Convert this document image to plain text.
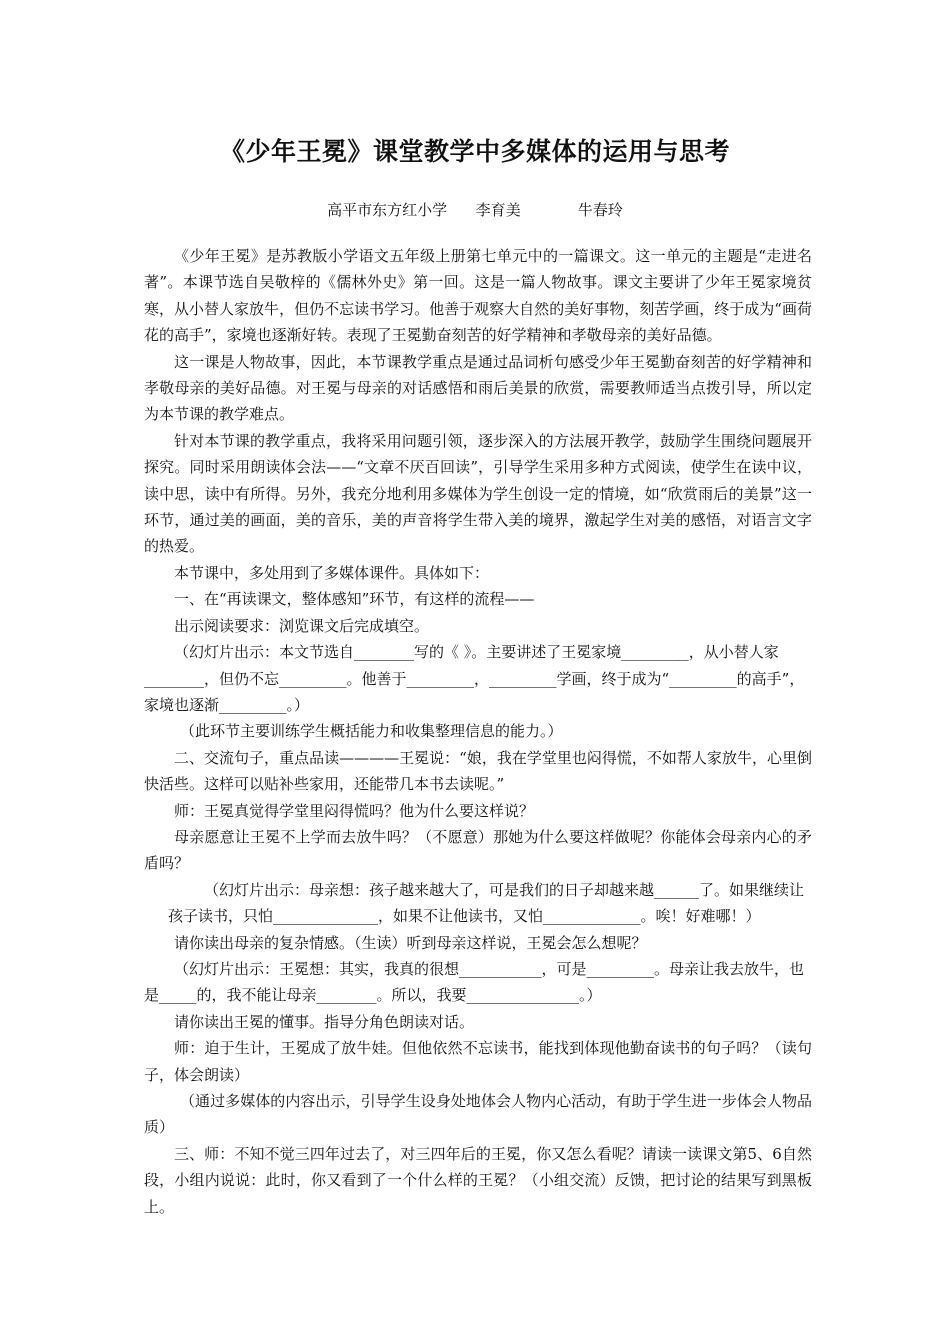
《少年王冕》课堂教学中多媒体的运用与思考
高平市东方红小学      李育美            牛春玲

《少年王冕》是苏教版小学语文五年级上册第七单元中的一篇课文。这一单元的主题是“走进名著”。本课节选自吴敬梓的《儒林外史》第一回。这是一篇人物故事。课文主要讲了少年王冕家境贫寒，从小替人家放牛，但仍不忘读书学习。他善于观察大自然的美好事物，刻苦学画，终于成为“画荷花的高手”，家境也逐渐好转。表现了王冕勤奋刻苦的好学精神和孝敬母亲的美好品德。

这一课是人物故事，因此，本节课教学重点是通过品词析句感受少年王冕勤奋刻苦的好学精神和孝敬母亲的美好品德。对王冕与母亲的对话感悟和雨后美景的欣赏，需要教师适当点拨引导，所以定为本节课的教学难点。

针对本节课的教学重点，我将采用问题引领，逐步深入的方法展开教学，鼓励学生围绕问题展开探究。同时采用朗读体会法——“文章不厌百回读”，引导学生采用多种方式阅读，使学生在读中议，读中思，读中有所得。另外，我充分地利用多媒体为学生创设一定的情境，如“欣赏雨后的美景”这一环节，通过美的画面，美的音乐，美的声音将学生带入美的境界，激起学生对美的感悟，对语言文字的热爱。

本节课中，多处用到了多媒体课件。具体如下：

一、在“再读课文，整体感知”环节，有这样的流程——

出示阅读要求：浏览课文后完成填空。

（幻灯片出示：本文节选自________写的《 》。主要讲述了王冕家境_________，从小替人家________，但仍不忘_________。他善于_________，_________学画，终于成为“_________的高手”，家境也逐渐_________。）

（此环节主要训练学生概括能力和收集整理信息的能力。）

二、交流句子，重点品读————王冕说：“娘，我在学堂里也闷得慌，不如帮人家放牛，心里倒快活些。这样可以贴补些家用，还能带几本书去读呢。”

师：王冕真觉得学堂里闷得慌吗？他为什么要这样说？

母亲愿意让王冕不上学而去放牛吗？（不愿意）那她为什么要这样做呢？你能体会母亲内心的矛盾吗？

（幻灯片出示：母亲想：孩子越来越大了，可是我们的日子却越来越______了。如果继续让孩子读书，只怕______________，如果不让他读书，又怕_____________。唉！好难哪！）

请你读出母亲的复杂情感。（生读）听到母亲这样说，王冕会怎么想呢？

（幻灯片出示：王冕想：其实，我真的很想___________，可是_________。母亲让我去放牛，也是_____的，我不能让母亲________。所以，我要_______________。）

请你读出王冕的懂事。指导分角色朗读对话。

师：迫于生计，王冕成了放牛娃。但他依然不忘读书，能找到体现他勤奋读书的句子吗？（读句子，体会朗读）

（通过多媒体的内容出示，引导学生设身处地体会人物内心活动，有助于学生进一步体会人物品质）

三、师：不知不觉三四年过去了，对三四年后的王冕，你又怎么看呢？请读一读课文第5、6自然段，小组内说说：此时，你又看到了一个什么样的王冕？（小组交流）反馈，把讨论的结果写到黑板上。
